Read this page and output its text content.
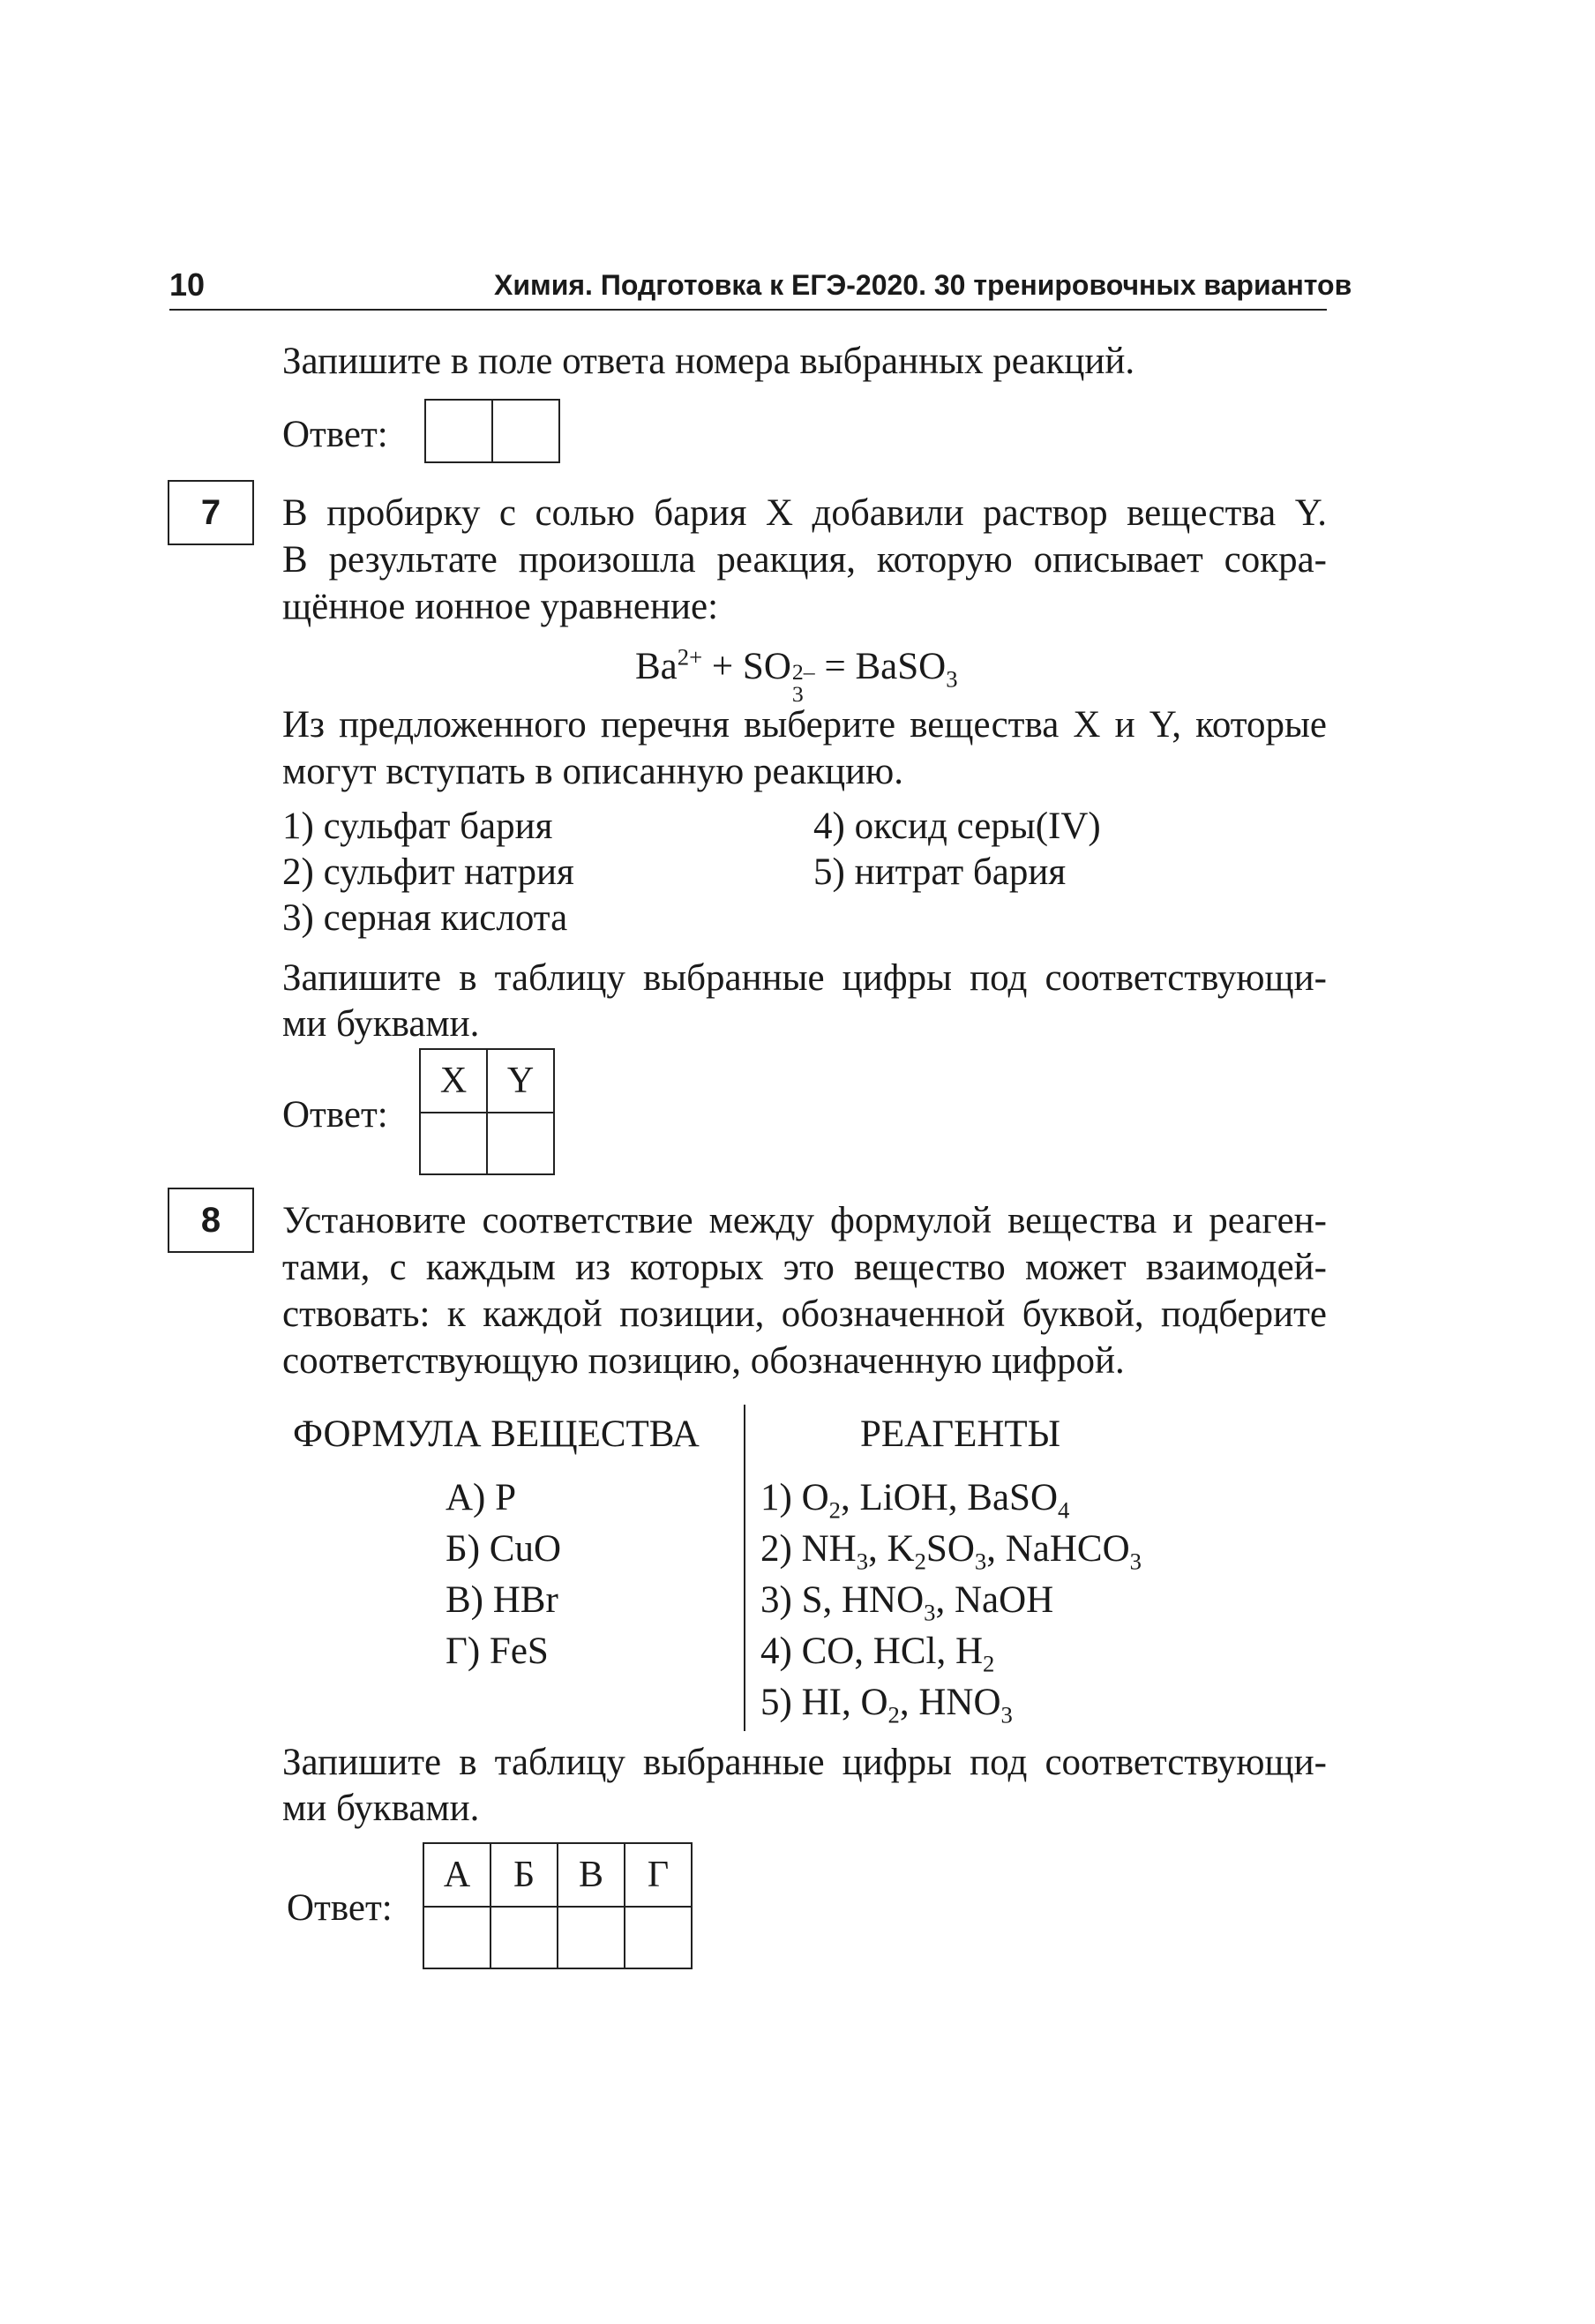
10	Химия. Подготовка к ЕГЭ-2020. 30 тренировочных вариантов
Запишите в поле ответа номера выбранных реакций.
Ответ:

7	В пробирку с солью бария X добавили раствор вещества Y.
В результате произошла реакция, которую описывает сокра-
щённое ионное уравнение:
$Ba^{2+}$ + SO 2–
3
= BaSO$_3$
Из предложенного перечня выберите вещества X и Y, которые
могут вступать в описанную реакцию.
1) сульфат бария
2) сульфит натрия
3) серная кислота
4) оксид серы(IV)
5) нитрат бария
Запишите в таблицу выбранные цифры под соответствующи-
ми буквами.
Ответ:
X	Y

8	Установите соответствие между формулой вещества и реаген-
тами, с каждым из которых это вещество может взаимодей-
ствовать: к каждой позиции, обозначенной буквой, подберите
соответствующую позицию, обозначенную цифрой.
ФОРМУЛА ВЕЩЕСТВА	РЕАГЕНТЫ
А) P
Б) CuO
В) HBr
Г) FeS
1) $O_2$, LiOH, BaSO$_4$
2) $NH_3$, $K_2SO_3$, NaHCO$_3$
3) S, $HNO_3$, NaOH
4) CO, HCl, $H_2$
5) HI, $O_2$, $HNO_3$
Запишите в таблицу выбранные цифры под соответствующи-
ми буквами.
Ответ:
А	Б	В	Г
